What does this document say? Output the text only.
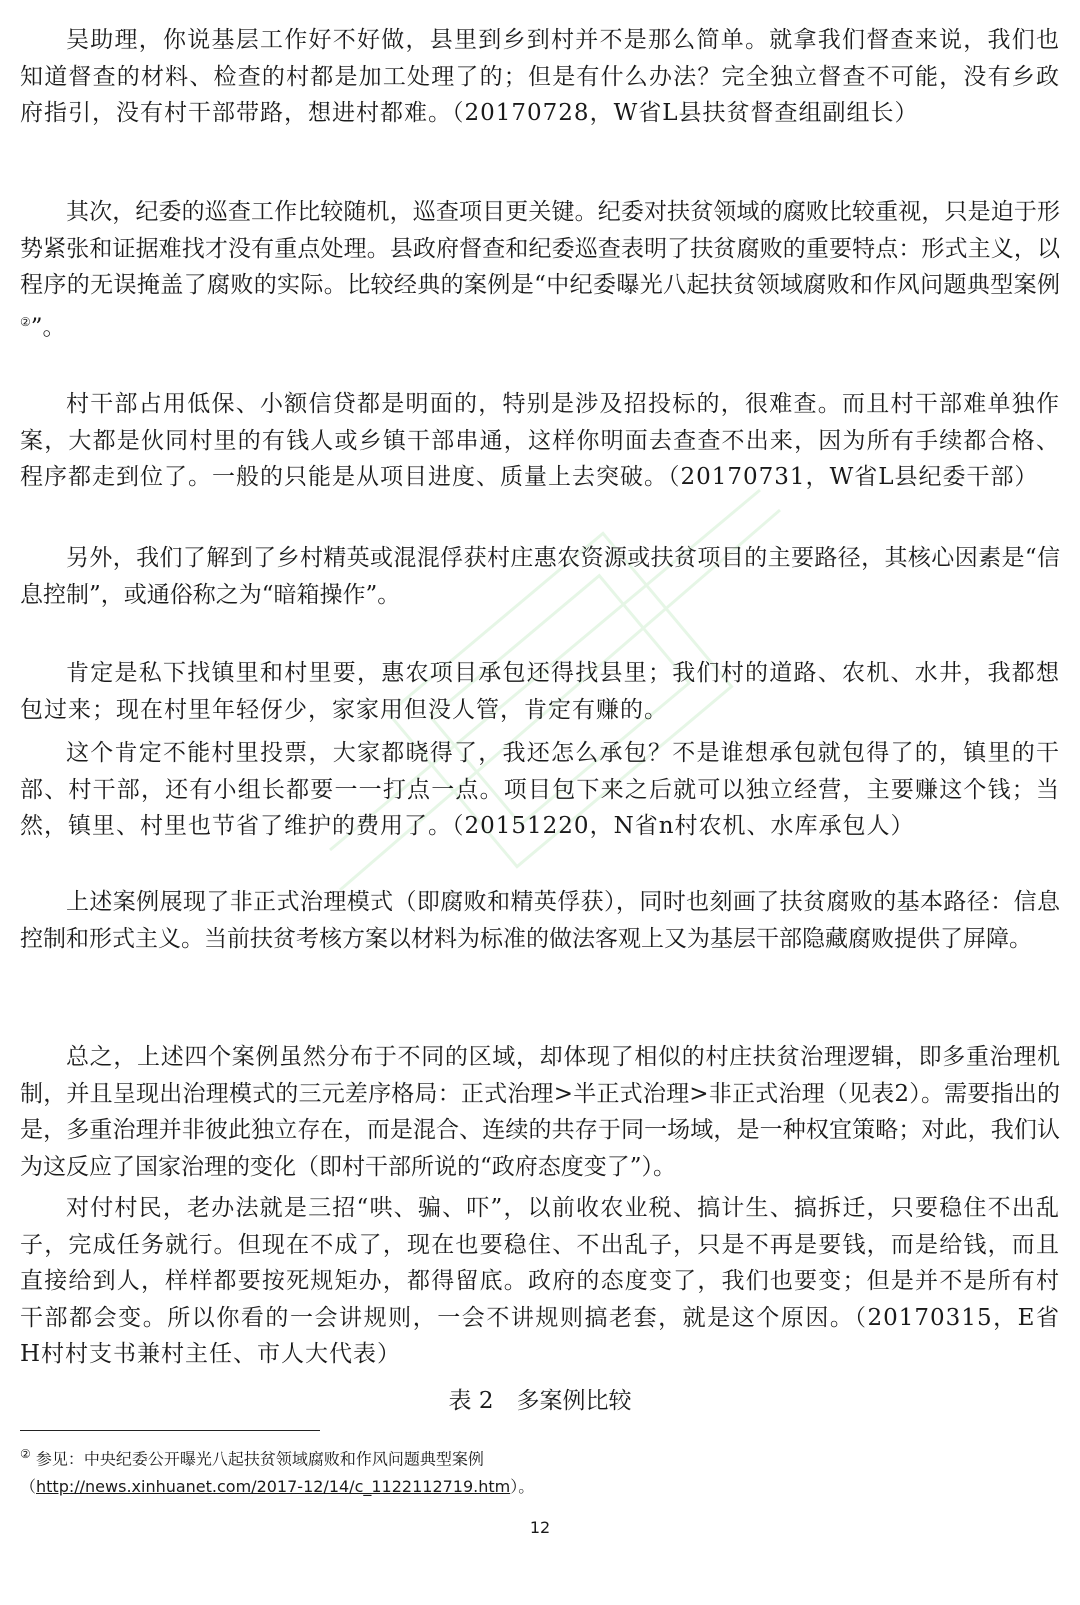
吴助理，你说基层工作好不好做，县里到乡到村并不是那么简单。就拿我们督查来说，我们也知道督查的材料、检查的村都是加工处理了的；但是有什么办法？完全独立督查不可能，没有乡政府指引，没有村干部带路，想进村都难。（20170728，W省L县扶贫督查组副组长）

其次，纪委的巡查工作比较随机，巡查项目更关键。纪委对扶贫领域的腐败比较重视，只是迫于形势紧张和证据难找才没有重点处理。县政府督查和纪委巡查表明了扶贫腐败的重要特点：形式主义，以程序的无误掩盖了腐败的实际。比较经典的案例是“中纪委曝光八起扶贫领域腐败和作风问题典型案例②”。

村干部占用低保、小额信贷都是明面的，特别是涉及招投标的，很难查。而且村干部难单独作案，大都是伙同村里的有钱人或乡镇干部串通，这样你明面去查查不出来，因为所有手续都合格、程序都走到位了。一般的只能是从项目进度、质量上去突破。（20170731，W省L县纪委干部）

另外，我们了解到了乡村精英或混混俘获村庄惠农资源或扶贫项目的主要路径，其核心因素是“信息控制”，或通俗称之为“暗箱操作”。

肯定是私下找镇里和村里要，惠农项目承包还得找县里；我们村的道路、农机、水井，我都想包过来；现在村里年轻伢少，家家用但没人管，肯定有赚的。

这个肯定不能村里投票，大家都晓得了，我还怎么承包？不是谁想承包就包得了的，镇里的干部、村干部，还有小组长都要一一打点一点。项目包下来之后就可以独立经营，主要赚这个钱；当然，镇里、村里也节省了维护的费用了。（20151220，N省n村农机、水库承包人）

上述案例展现了非正式治理模式（即腐败和精英俘获），同时也刻画了扶贫腐败的基本路径：信息控制和形式主义。当前扶贫考核方案以材料为标准的做法客观上又为基层干部隐藏腐败提供了屏障。

总之，上述四个案例虽然分布于不同的区域，却体现了相似的村庄扶贫治理逻辑，即多重治理机制，并且呈现出治理模式的三元差序格局：正式治理>半正式治理>非正式治理（见表2）。需要指出的是，多重治理并非彼此独立存在，而是混合、连续的共存于同一场域，是一种权宜策略；对此，我们认为这反应了国家治理的变化（即村干部所说的“政府态度变了”）。

对付村民，老办法就是三招“哄、骗、吓”，以前收农业税、搞计生、搞拆迁，只要稳住不出乱子，完成任务就行。但现在不成了，现在也要稳住、不出乱子，只是不再是要钱，而是给钱，而且直接给到人，样样都要按死规矩办，都得留底。政府的态度变了，我们也要变；但是并不是所有村干部都会变。所以你看的一会讲规则，一会不讲规则搞老套，就是这个原因。（20170315，E省H村村支书兼村主任、市人大代表）

表 2　多案例比较
② 参见：中央纪委公开曝光八起扶贫领域腐败和作风问题典型案例
（http://news.xinhuanet.com/2017-12/14/c_1122112719.htm）。
12
